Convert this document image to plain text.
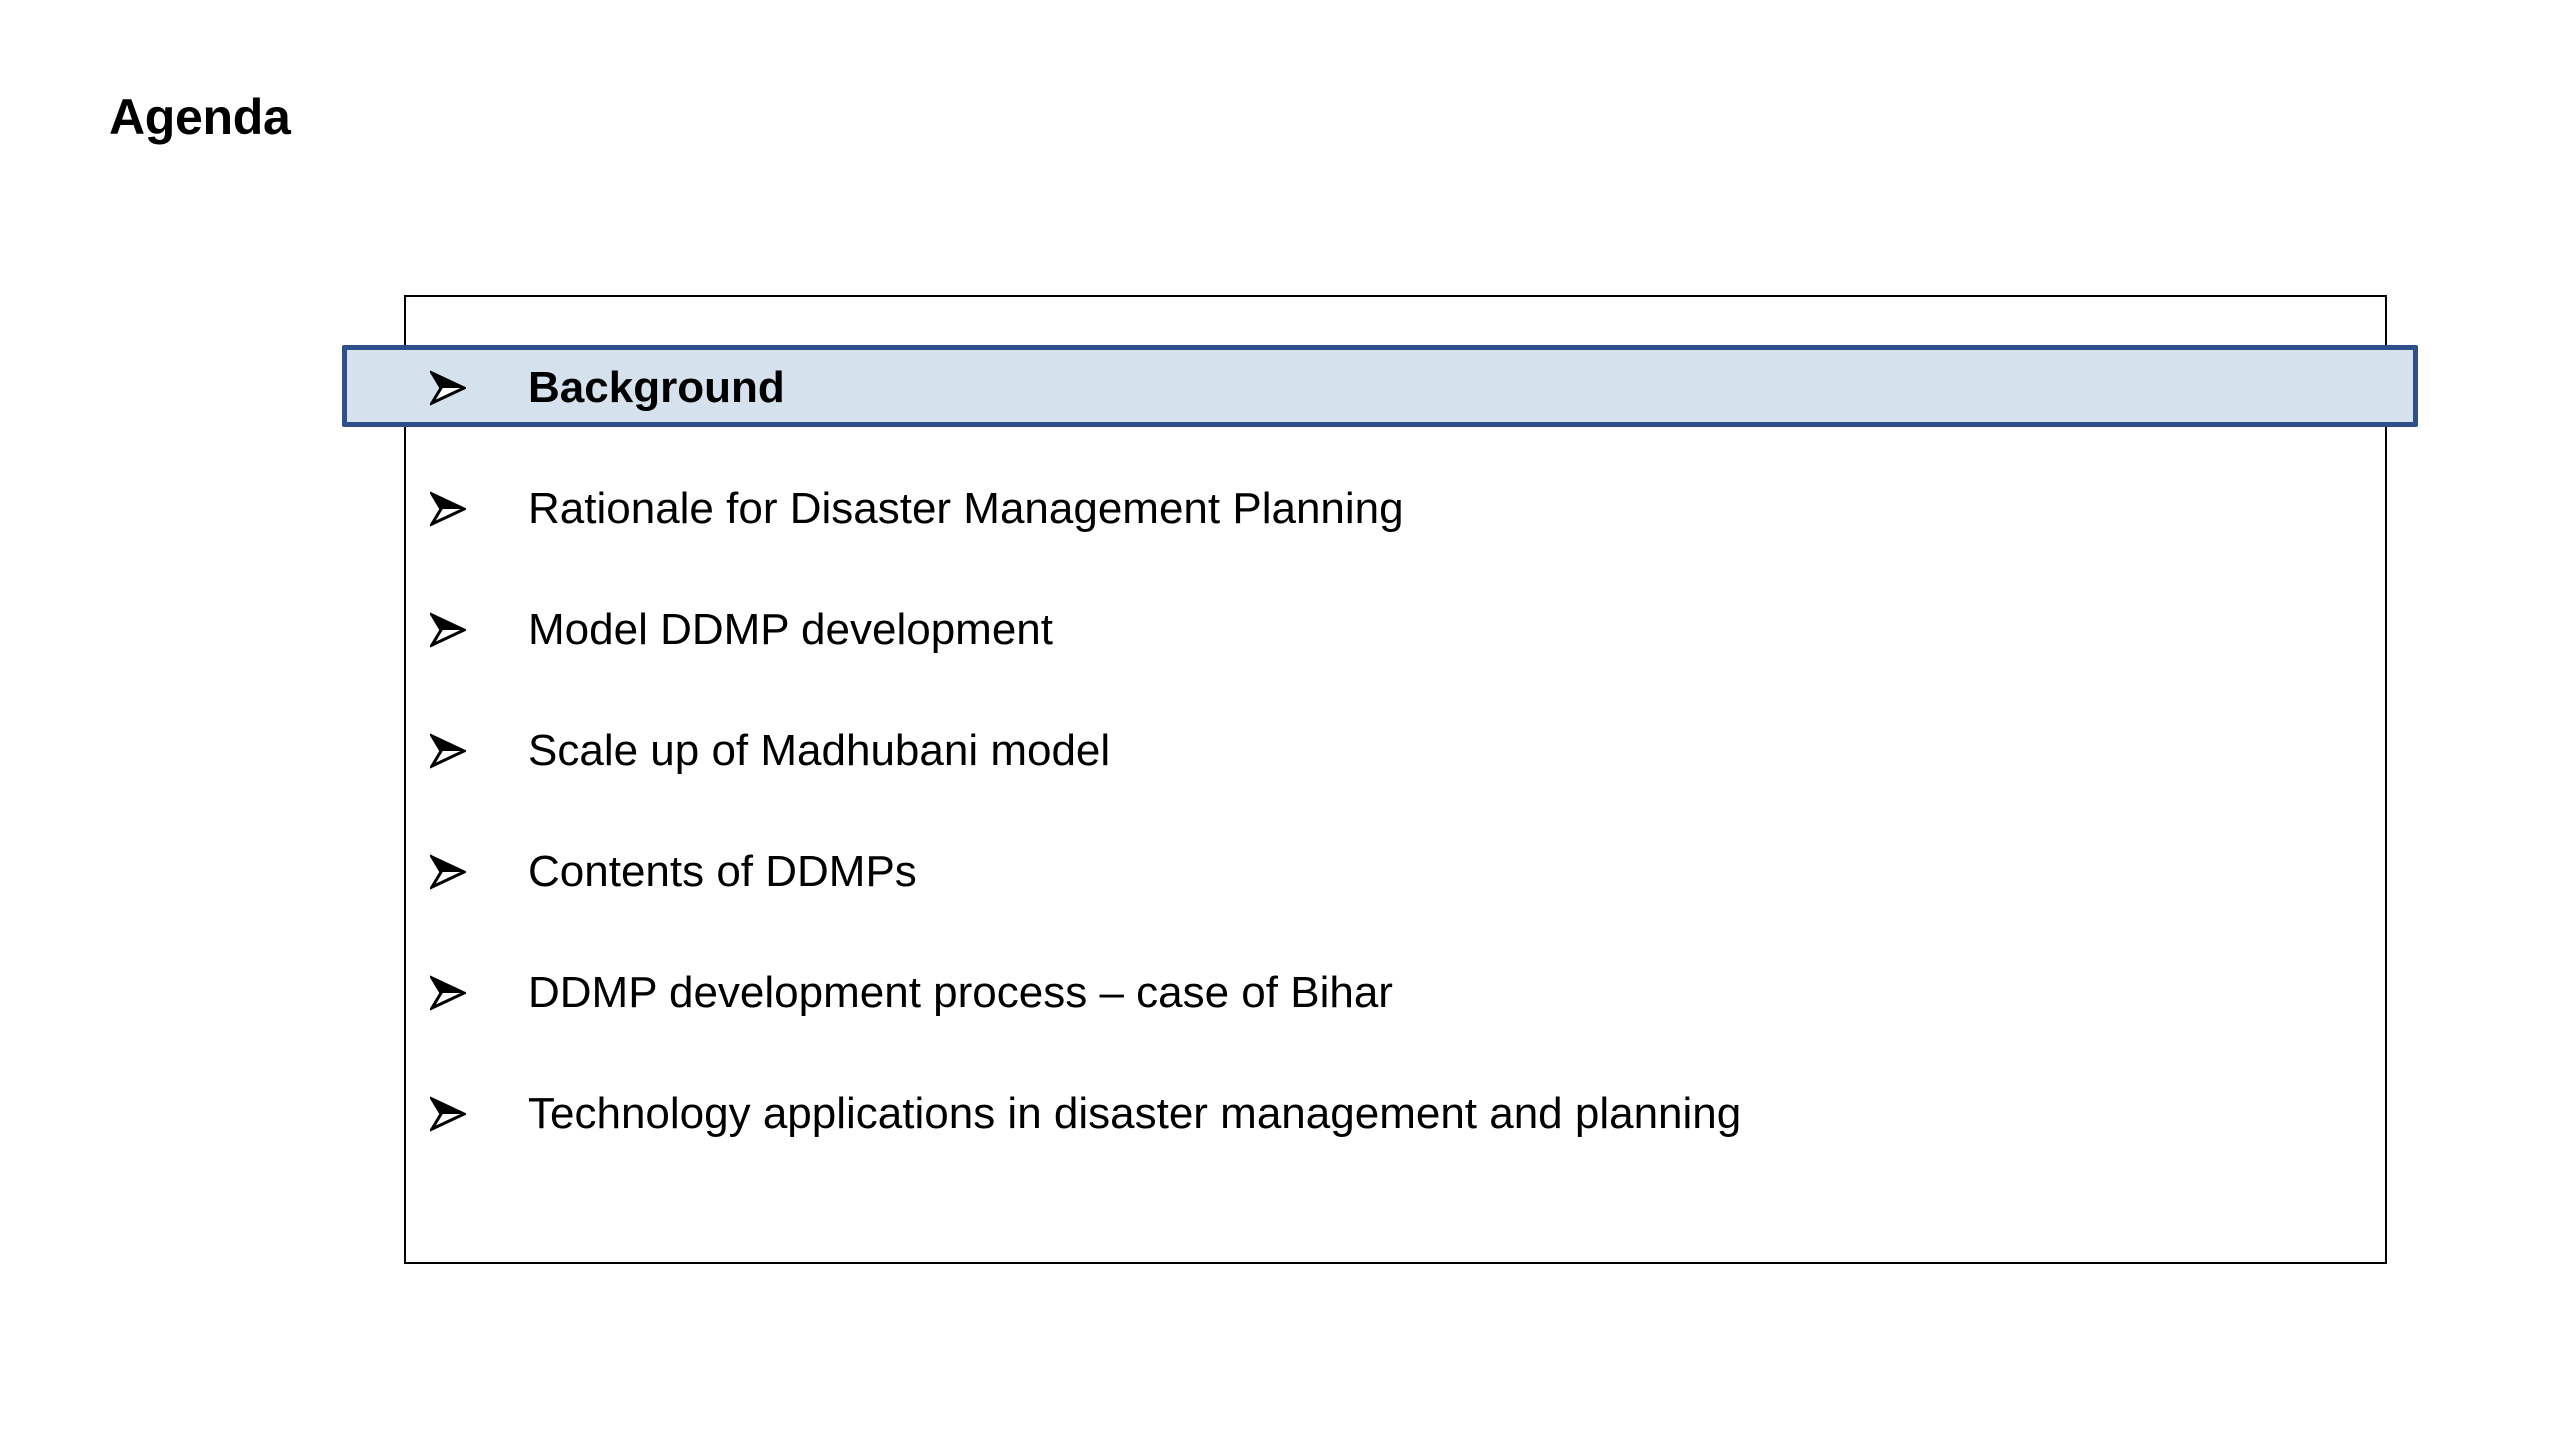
Agenda
Background
Rationale for Disaster Management Planning
Model DDMP development
Scale up of Madhubani model
Contents of DDMPs
DDMP development process – case of Bihar
Technology applications in disaster management and planning
